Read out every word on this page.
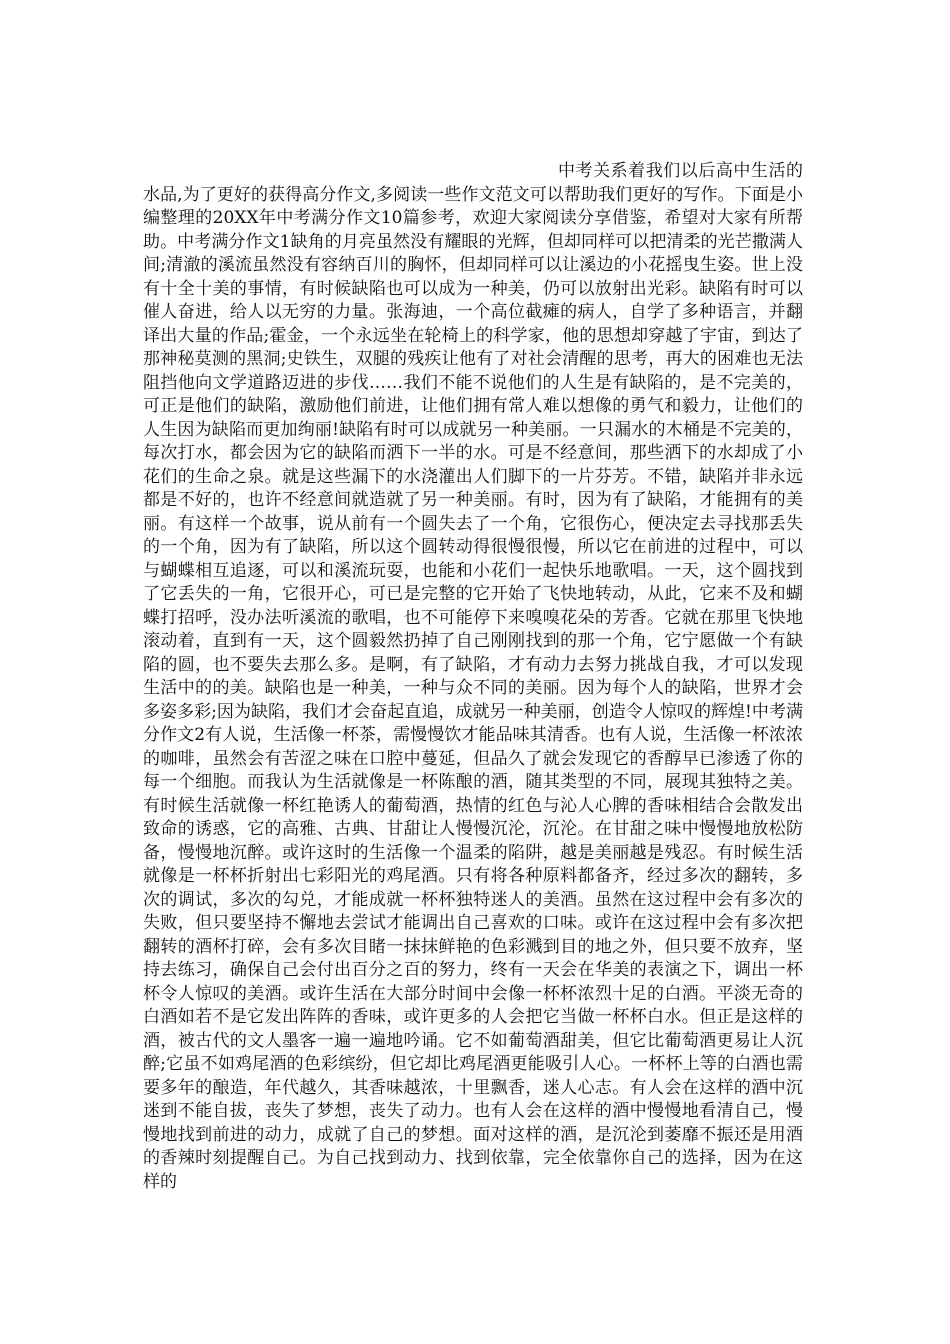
中考关系着我们以后高中生活的水品,为了更好的获得高分作文,多阅读一些作文范文可以帮助我们更好的写作。下面是小编整理的20XX年中考满分作文10篇参考，欢迎大家阅读分享借鉴，希望对大家有所帮助。中考满分作文1缺角的月亮虽然没有耀眼的光辉，但却同样可以把清柔的光芒撒满人间;清澈的溪流虽然没有容纳百川的胸怀，但却同样可以让溪边的小花摇曳生姿。世上没有十全十美的事情，有时候缺陷也可以成为一种美，仍可以放射出光彩。缺陷有时可以催人奋进，给人以无穷的力量。张海迪，一个高位截瘫的病人，自学了多种语言，并翻译出大量的作品;霍金，一个永远坐在轮椅上的科学家，他的思想却穿越了宇宙，到达了那神秘莫测的黑洞;史铁生，双腿的残疾让他有了对社会清醒的思考，再大的困难也无法阻挡他向文学道路迈进的步伐……我们不能不说他们的人生是有缺陷的，是不完美的，可正是他们的缺陷，激励他们前进，让他们拥有常人难以想像的勇气和毅力，让他们的人生因为缺陷而更加绚丽!缺陷有时可以成就另一种美丽。一只漏水的木桶是不完美的，每次打水，都会因为它的缺陷而洒下一半的水。可是不经意间，那些洒下的水却成了小花们的生命之泉。就是这些漏下的水浇灌出人们脚下的一片芬芳。不错，缺陷并非永远都是不好的，也许不经意间就造就了另一种美丽。有时，因为有了缺陷，才能拥有的美丽。有这样一个故事，说从前有一个圆失去了一个角，它很伤心，便决定去寻找那丢失的一个角，因为有了缺陷，所以这个圆转动得很慢很慢，所以它在前进的过程中，可以与蝴蝶相互追逐，可以和溪流玩耍，也能和小花们一起快乐地歌唱。一天，这个圆找到了它丢失的一角，它很开心，可已是完整的它开始了飞快地转动，从此，它来不及和蝴蝶打招呼，没办法听溪流的歌唱，也不可能停下来嗅嗅花朵的芳香。它就在那里飞快地滚动着，直到有一天，这个圆毅然扔掉了自己刚刚找到的那一个角，它宁愿做一个有缺陷的圆，也不要失去那么多。是啊，有了缺陷，才有动力去努力挑战自我，才可以发现生活中的的美。缺陷也是一种美，一种与众不同的美丽。因为每个人的缺陷，世界才会多姿多彩;因为缺陷，我们才会奋起直追，成就另一种美丽，创造令人惊叹的辉煌!中考满分作文2有人说，生活像一杯茶，需慢慢饮才能品味其清香。也有人说，生活像一杯浓浓的咖啡，虽然会有苦涩之味在口腔中蔓延，但品久了就会发现它的香醇早已渗透了你的每一个细胞。而我认为生活就像是一杯陈酿的酒，随其类型的不同，展现其独特之美。有时候生活就像一杯红艳诱人的葡萄酒，热情的红色与沁人心脾的香味相结合会散发出致命的诱惑，它的高雅、古典、甘甜让人慢慢沉沦，沉沦。在甘甜之味中慢慢地放松防备，慢慢地沉醉。或许这时的生活像一个温柔的陷阱，越是美丽越是残忍。有时候生活就像是一杯杯折射出七彩阳光的鸡尾酒。只有将各种原料都备齐，经过多次的翻转，多次的调试，多次的勾兑，才能成就一杯杯独特迷人的美酒。虽然在这过程中会有多次的失败，但只要坚持不懈地去尝试才能调出自己喜欢的口味。或许在这过程中会有多次把翻转的酒杯打碎，会有多次目睹一抹抹鲜艳的色彩溅到目的地之外，但只要不放弃，坚持去练习，确保自己会付出百分之百的努力，终有一天会在华美的表演之下，调出一杯杯令人惊叹的美酒。或许生活在大部分时间中会像一杯杯浓烈十足的白酒。平淡无奇的白酒如若不是它发出阵阵的香味，或许更多的人会把它当做一杯杯白水。但正是这样的酒，被古代的文人墨客一遍一遍地吟诵。它不如葡萄酒甜美，但它比葡萄酒更易让人沉醉;它虽不如鸡尾酒的色彩缤纷，但它却比鸡尾酒更能吸引人心。一杯杯上等的白酒也需要多年的酿造，年代越久，其香味越浓，十里飘香，迷人心志。有人会在这样的酒中沉迷到不能自拔，丧失了梦想，丧失了动力。也有人会在这样的酒中慢慢地看清自己，慢慢地找到前进的动力，成就了自己的梦想。面对这样的酒，是沉沦到萎靡不振还是用酒的香辣时刻提醒自己。为自己找到动力、找到依靠，完全依靠你自己的选择，因为在这样的
